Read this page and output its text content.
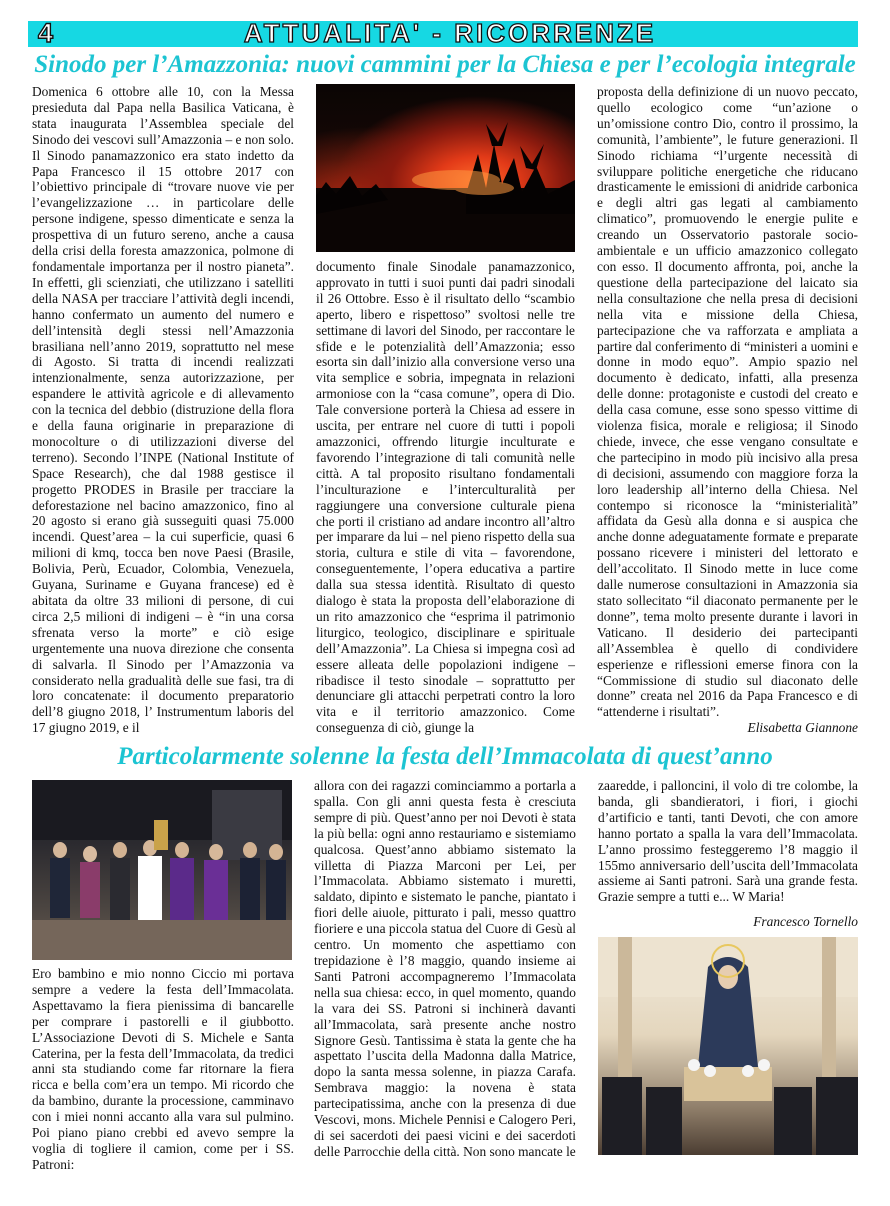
4	ATTUALITA' - RICORRENZE
Sinodo per l’Amazzonia: nuovi cammini per la Chiesa e per l’ecologia integrale

Domenica 6 ottobre alle 10, con la Messa presieduta dal Papa nella Basilica Vaticana, è stata inaugurata l’Assemblea speciale del Sinodo dei vescovi sull’Amazzonia – e non solo. Il Sinodo panamazzonico era stato indetto da Papa Francesco il 15 ottobre 2017 con l’obiettivo principale di “trovare nuove vie per l’evangelizzazione … in particolare delle persone indigene, spesso dimenticate e senza la prospettiva di un futuro sereno, anche a causa della crisi della foresta amazzonica, polmone di fondamentale importanza per il nostro pianeta”. In effetti, gli scienziati, che utilizzano i satelliti della NASA per tracciare l’attività degli incendi, hanno confermato un aumento del numero e dell’intensità degli stessi nell’Amazzonia brasiliana nell’anno 2019, soprattutto nel mese di Agosto. Si tratta di incendi realizzati intenzionalmente, senza autorizzazione, per espandere le attività agricole e di allevamento con la tecnica del debbio (distruzione della flora e della fauna originarie in preparazione di monocolture o di utilizzazioni diverse del terreno). Secondo l’INPE (National Institute of Space Research), che dal 1988 gestisce il progetto PRODES in Brasile per tracciare la deforestazione nel bacino amazzonico, fino al 20 agosto si erano già susseguiti quasi 75.000 incendi. Quest’area – la cui superficie, quasi 6 milioni di kmq, tocca ben nove Paesi (Brasile, Bolivia, Perù, Ecuador, Colombia, Venezuela, Guyana, Suriname e Guyana francese) ed è abitata da oltre 33 milioni di persone, di cui circa 2,5 milioni di indigeni – è “in una corsa sfrenata verso la morte” e ciò esige urgentemente una nuova direzione che consenta di salvarla. Il Sinodo per l’Amazzonia va considerato nella gradualità delle sue fasi, tra di loro concatenate: il documento preparatorio dell’8 giugno 2018, l’ Instrumentum laboris del 17 giugno 2019, e il

documento finale Sinodale panamazzonico, approvato in tutti i suoi punti dai padri sinodali il 26 Ottobre. Esso è il risultato dello “scambio aperto, libero e rispettoso” svoltosi nelle tre settimane di lavori del Sinodo, per raccontare le sfide e le potenzialità dell’Amazzonia; esso esorta sin dall’inizio alla conversione verso una vita semplice e sobria, impegnata in relazioni armoniose con la “casa comune”, opera di Dio. Tale conversione porterà la Chiesa ad essere in uscita, per entrare nel cuore di tutti i popoli amazzonici, offrendo liturgie inculturate e favorendo l’integrazione di tali comunità nelle città. A tal proposito risultano fondamentali l’inculturazione e l’interculturalità per raggiungere una conversione culturale piena che porti il cristiano ad andare incontro all’altro per imparare da lui – nel pieno rispetto della sua storia, cultura e stile di vita – favorendone, conseguentemente, l’opera educativa a partire dalla sua stessa identità. Risultato di questo dialogo è stata la proposta dell’elaborazione di un rito amazzonico che “esprima il patrimonio liturgico, teologico, disciplinare e spirituale dell’Amazzonia”. La Chiesa si impegna così ad essere alleata delle popolazioni indigene – ribadisce il testo sinodale – soprattutto per denunciare gli attacchi perpetrati contro la loro vita e il territorio amazzonico. Come conseguenza di ciò, giunge la

proposta della definizione di un nuovo peccato, quello ecologico come “un’azione o un’omissione contro Dio, contro il prossimo, la comunità, l’ambiente”, le future generazioni. Il Sinodo richiama “l’urgente necessità di sviluppare politiche energetiche che riducano drasticamente le emissioni di anidride carbonica e degli altri gas legati al cambiamento climatico”, promuovendo le energie pulite e creando un Osservatorio pastorale socio-ambientale e un ufficio amazzonico collegato con esso. Il documento affronta, poi, anche la questione della partecipazione del laicato sia nella consultazione che nella presa di decisioni nella vita e missione della Chiesa, partecipazione che va rafforzata e ampliata a partire dal conferimento di “ministeri a uomini e donne in modo equo”. Ampio spazio nel documento è dedicato, infatti, alla presenza delle donne: protagoniste e custodi del creato e della casa comune, esse sono spesso vittime di violenza fisica, morale e religiosa; il Sinodo chiede, invece, che esse vengano consultate e che partecipino in modo più incisivo alla presa di decisioni, assumendo con maggiore forza la loro leadership all’interno della Chiesa. Nel contempo si riconosce la “ministerialità” affidata da Gesù alla donna e si auspica che anche donne adeguatamente formate e preparate possano ricevere i ministeri del lettorato e dell’accolitato. Il Sinodo mette in luce come dalle numerose consultazioni in Amazzonia sia stato sollecitato “il diaconato permanente per le donne”, tema molto presente durante i lavori in Vaticano. Il desiderio dei partecipanti all’Assemblea è quello di condividere esperienze e riflessioni emerse finora con la “Commissione di studio sul diaconato delle donne” creata nel 2016 da Papa Francesco e di “attenderne i risultati”.

Elisabetta Giannone
Particolarmente solenne la festa dell’Immacolata di quest’anno

Ero bambino e mio nonno Ciccio mi portava sempre a vedere la festa dell’Immacolata. Aspettavamo la fiera pienissima di bancarelle per comprare i pastorelli e il giubbotto. L’Associazione Devoti di S. Michele e Santa Caterina, per la festa dell’Immacolata, da tredici anni sta studiando come far ritornare la fiera ricca e bella com’era un tempo. Mi ricordo che da bambino, durante la processione, camminavo con i miei nonni accanto alla vara sul pulmino. Poi piano piano crebbi ed avevo sempre la voglia di togliere il camion, come per i SS. Patroni:

allora con dei ragazzi cominciammo a portarla a spalla. Con gli anni questa festa è cresciuta sempre di più. Quest’anno per noi Devoti è stata la più bella: ogni anno restauriamo e sistemiamo qualcosa. Quest’anno abbiamo sistemato la villetta di Piazza Marconi per Lei, per l’Immacolata. Abbiamo sistemato i muretti, saldato, dipinto e sistemato le panche, piantato i fiori delle aiuole, pitturato i pali, messo quattro fioriere e una piccola statua del Cuore di Gesù al centro. Un momento che aspettiamo con trepidazione è l’8 maggio, quando insieme ai Santi Patroni accompagneremo l’Immacolata nella sua chiesa: ecco, in quel momento, quando la vara dei SS. Patroni si inchinerà davanti all’Immacolata, sarà presente anche nostro Signore Gesù. Tantissima è stata la gente che ha aspettato l’uscita della Madonna dalla Matrice, dopo la santa messa solenne, in piazza Carafa. Sembrava maggio: la novena è stata partecipatissima, anche con la presenza di due Vescovi, mons. Michele Pennisi e Calogero Peri, di sei sacerdoti dei paesi vicini e dei sacerdoti delle Parrocchie della città. Non sono mancate le

zaaredde, i palloncini, il volo di tre colombe, la banda, gli sbandieratori, i fiori, i giochi d’artificio e tanti, tanti Devoti, che con amore hanno portato a spalla la vara dell’Immacolata. L’anno prossimo festeggeremo l’8 maggio il 155mo anniversario dell’uscita dell’Immacolata assieme ai Santi patroni. Sarà una grande festa. Grazie sempre a tutti e... W Maria!

Francesco Tornello
